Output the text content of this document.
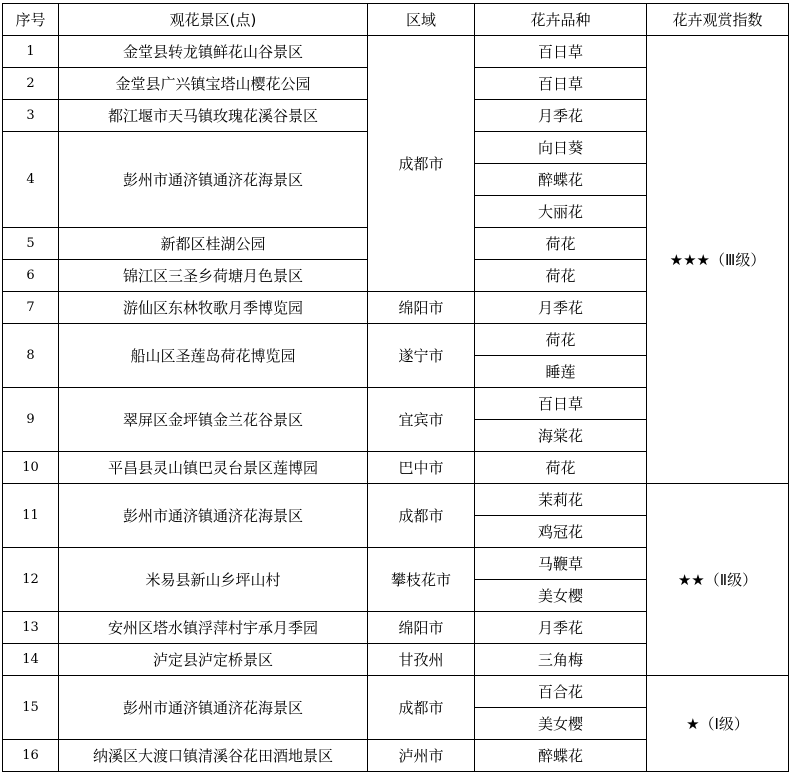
序号	观花景区(点)	区域	花卉品种	花卉观赏指数
1	金堂县转龙镇鲜花山谷景区	成都市	百日草	★★★（Ⅲ级）
2	金堂县广兴镇宝塔山樱花公园		百日草	
3	都江堰市天马镇玫瑰花溪谷景区		月季花	
4	彭州市通济镇通济花海景区		向日葵	
			醉蝶花	
			大丽花	
5	新都区桂湖公园		荷花	
6	锦江区三圣乡荷塘月色景区		荷花	
7	游仙区东林牧歌月季博览园	绵阳市	月季花	
8	船山区圣莲岛荷花博览园	遂宁市	荷花	
			睡莲	
9	翠屏区金坪镇金兰花谷景区	宜宾市	百日草	
			海棠花	
10	平昌县灵山镇巴灵台景区莲博园	巴中市	荷花	
11	彭州市通济镇通济花海景区	成都市	茉莉花	★★（Ⅱ级）
			鸡冠花	
12	米易县新山乡坪山村	攀枝花市	马鞭草	
			美女樱	
13	安州区塔水镇浮萍村宇承月季园	绵阳市	月季花	
14	泸定县泸定桥景区	甘孜州	三角梅	
15	彭州市通济镇通济花海景区	成都市	百合花	★（Ⅰ级）
			美女樱	
16	纳溪区大渡口镇清溪谷花田酒地景区	泸州市	醉蝶花	
